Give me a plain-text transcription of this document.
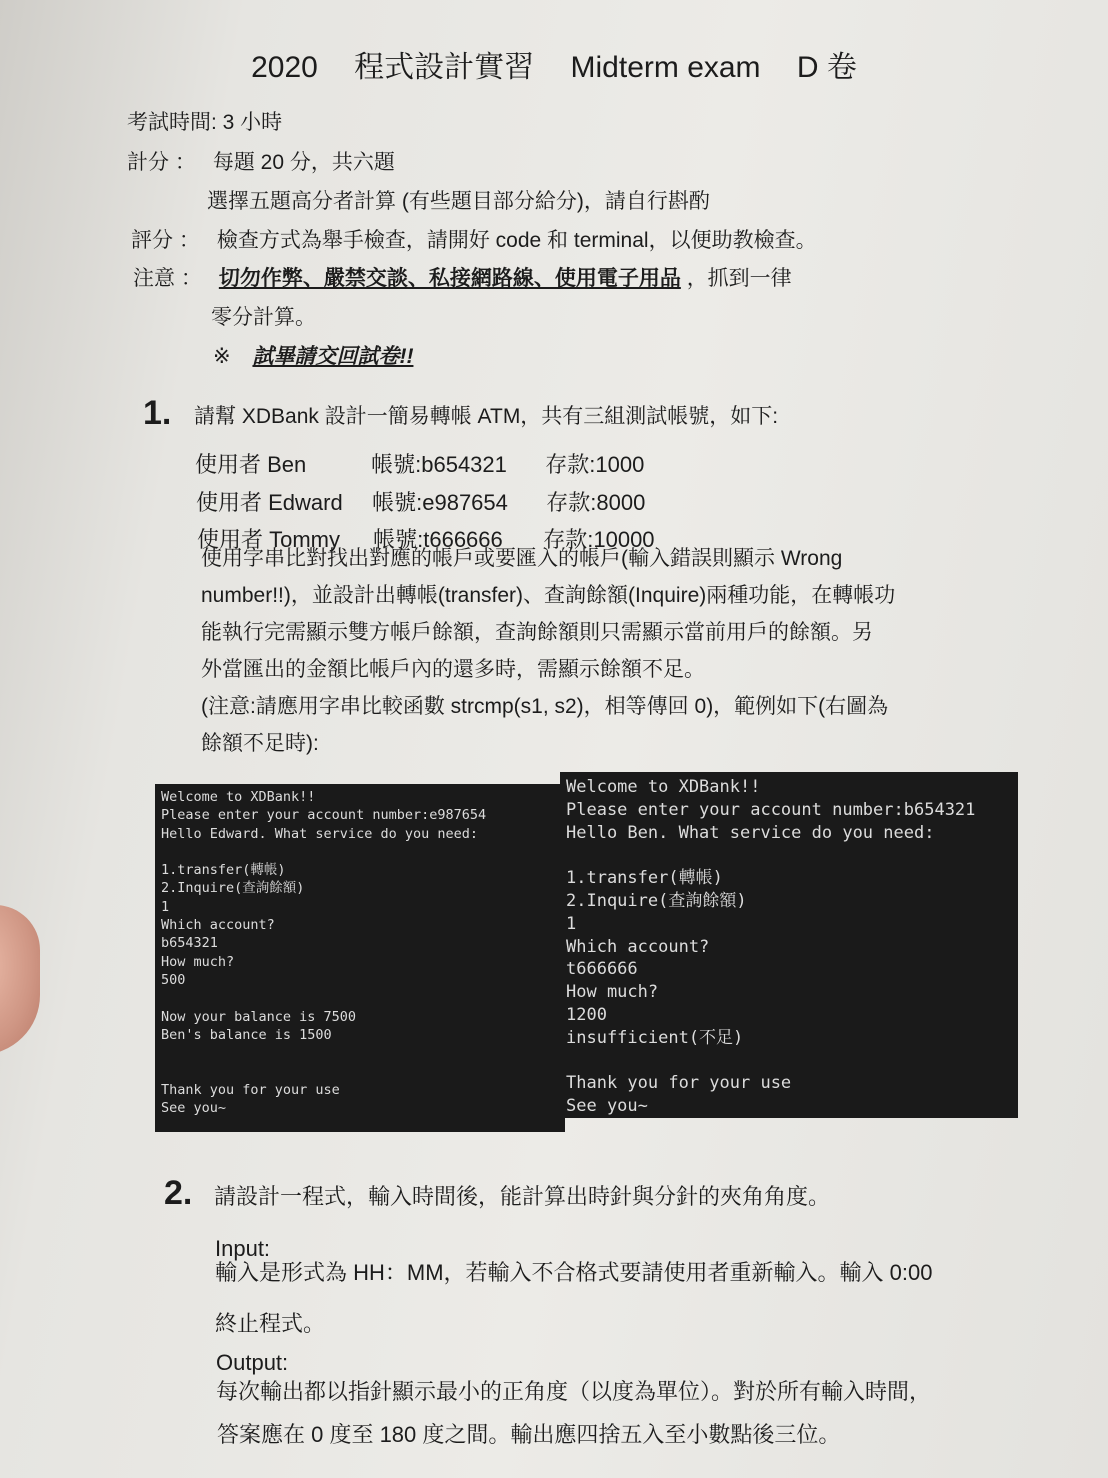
2020 程式設計實習 Midterm exam D 卷
考試時間: 3 小時
計分 ： 每題 20 分，共六題
選擇五題高分者計算 (有些題目部分給分)，請自行斟酌
評分 ： 檢查方式為舉手檢查，請開好 code 和 terminal，以便助教檢查。
注意 ： 切勿作弊、嚴禁交談、私接網路線、使用電子用品 ，抓到一律
零分計算。
※ 試畢請交回試卷!!
1. 請幫 XDBank 設計一簡易轉帳 ATM，共有三組測試帳號，如下:
使用者 Ben	帳號:b654321 存款:1000
使用者 Edward 帳號:e987654 存款:8000
使用者 Tommy 帳號:t666666 存款:10000
使用字串比對找出對應的帳戶或要匯入的帳戶(輸入錯誤則顯示 Wrong
number!!)，並設計出轉帳(transfer)、查詢餘額(Inquire)兩種功能，在轉帳功
能執行完需顯示雙方帳戶餘額，查詢餘額則只需顯示當前用戶的餘額。另
外當匯出的金額比帳戶內的還多時，需顯示餘額不足。
(注意:請應用字串比較函數 strcmp(s1, s2)，相等傳回 0)，範例如下(右圖為
餘額不足時):
Welcome to XDBank!!
Please enter your account number:e987654
Hello Edward. What service do you need:

1.transfer(轉帳)
2.Inquire(查詢餘額)
1
Which account?
b654321
How much?
500

Now your balance is 7500
Ben's balance is 1500

Thank you for your use
See you~
Welcome to XDBank!!
Please enter your account number:b654321
Hello Ben. What service do you need:

1.transfer(轉帳)
2.Inquire(查詢餘額)
1
Which account?
t666666
How much?
1200
insufficient(不足)

Thank you for your use
See you~
2. 請設計一程式，輸入時間後，能計算出時針與分針的夾角角度。
Input:
輸入是形式為 HH：MM，若輸入不合格式要請使用者重新輸入。輸入 0:00
終止程式。
Output:
每次輸出都以指針顯示最小的正角度（以度為單位）。對於所有輸入時間，
答案應在 0 度至 180 度之間。輸出應四捨五入至小數點後三位。
